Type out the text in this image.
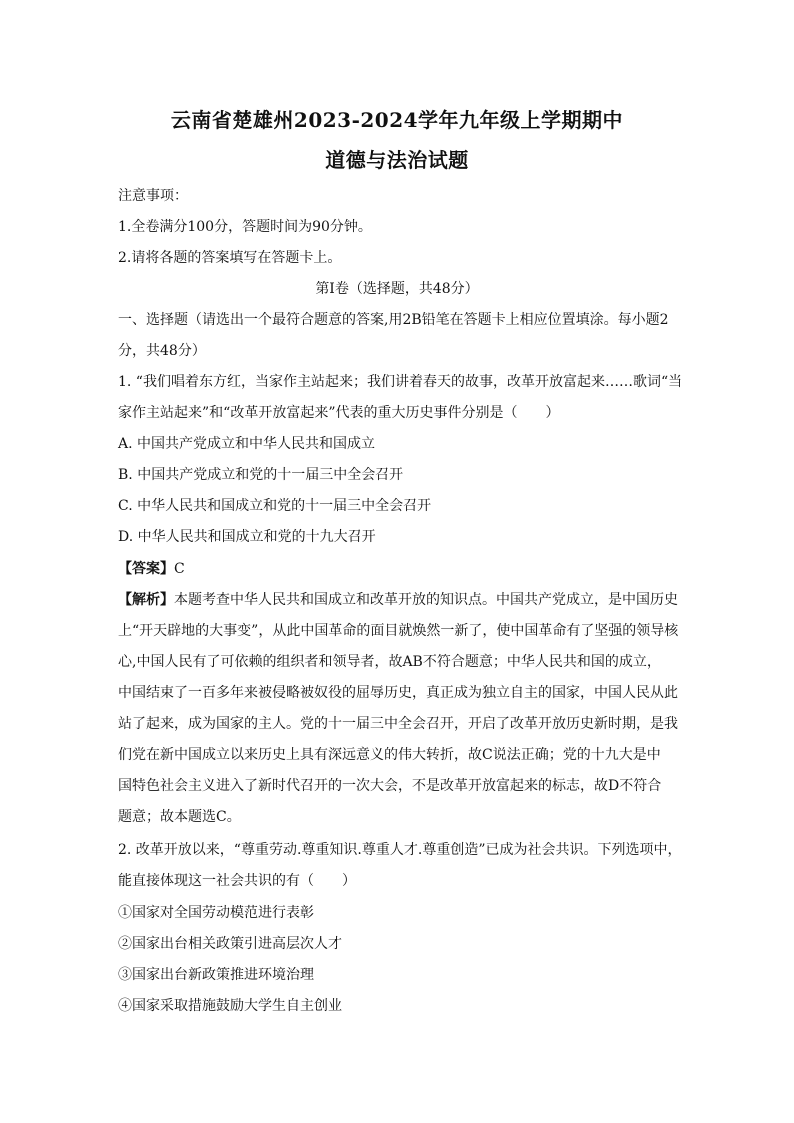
云南省楚雄州2023-2024学年九年级上学期期中
道德与法治试题
注意事项：
1.全卷满分100分，答题时间为90分钟。
2.请将各题的答案填写在答题卡上。
第Ⅰ卷（选择题，共48分）
一、选择题（请选出一个最符合题意的答案,用2B铅笔在答题卡上相应位置填涂。每小题2
分，共48分）
1. “我们唱着东方红，当家作主站起来；我们讲着春天的故事，改革开放富起来……歌词“当
家作主站起来”和“改革开放富起来”代表的重大历史事件分别是（　　）
A. 中国共产党成立和中华人民共和国成立
B. 中国共产党成立和党的十一届三中全会召开
C. 中华人民共和国成立和党的十一届三中全会召开
D. 中华人民共和国成立和党的十九大召开
【答案】C
【解析】本题考查中华人民共和国成立和改革开放的知识点。中国共产党成立，是中国历史
上“开天辟地的大事变”，从此中国革命的面目就焕然一新了，使中国革命有了坚强的领导核
心,中国人民有了可依赖的组织者和领导者，故AB不符合题意；中华人民共和国的成立，
中国结束了一百多年来被侵略被奴役的屈辱历史，真正成为独立自主的国家，中国人民从此
站了起来，成为国家的主人。党的十一届三中全会召开，开启了改革开放历史新时期，是我
们党在新中国成立以来历史上具有深远意义的伟大转折，故C说法正确；党的十九大是中
国特色社会主义进入了新时代召开的一次大会，不是改革开放富起来的标志，故D不符合
题意；故本题选C。
2. 改革开放以来，“尊重劳动.尊重知识.尊重人才.尊重创造”已成为社会共识。下列选项中，
能直接体现这一社会共识的有（　　）
①国家对全国劳动模范进行表彰
②国家出台相关政策引进高层次人才
③国家出台新政策推进环境治理
④国家采取措施鼓励大学生自主创业
